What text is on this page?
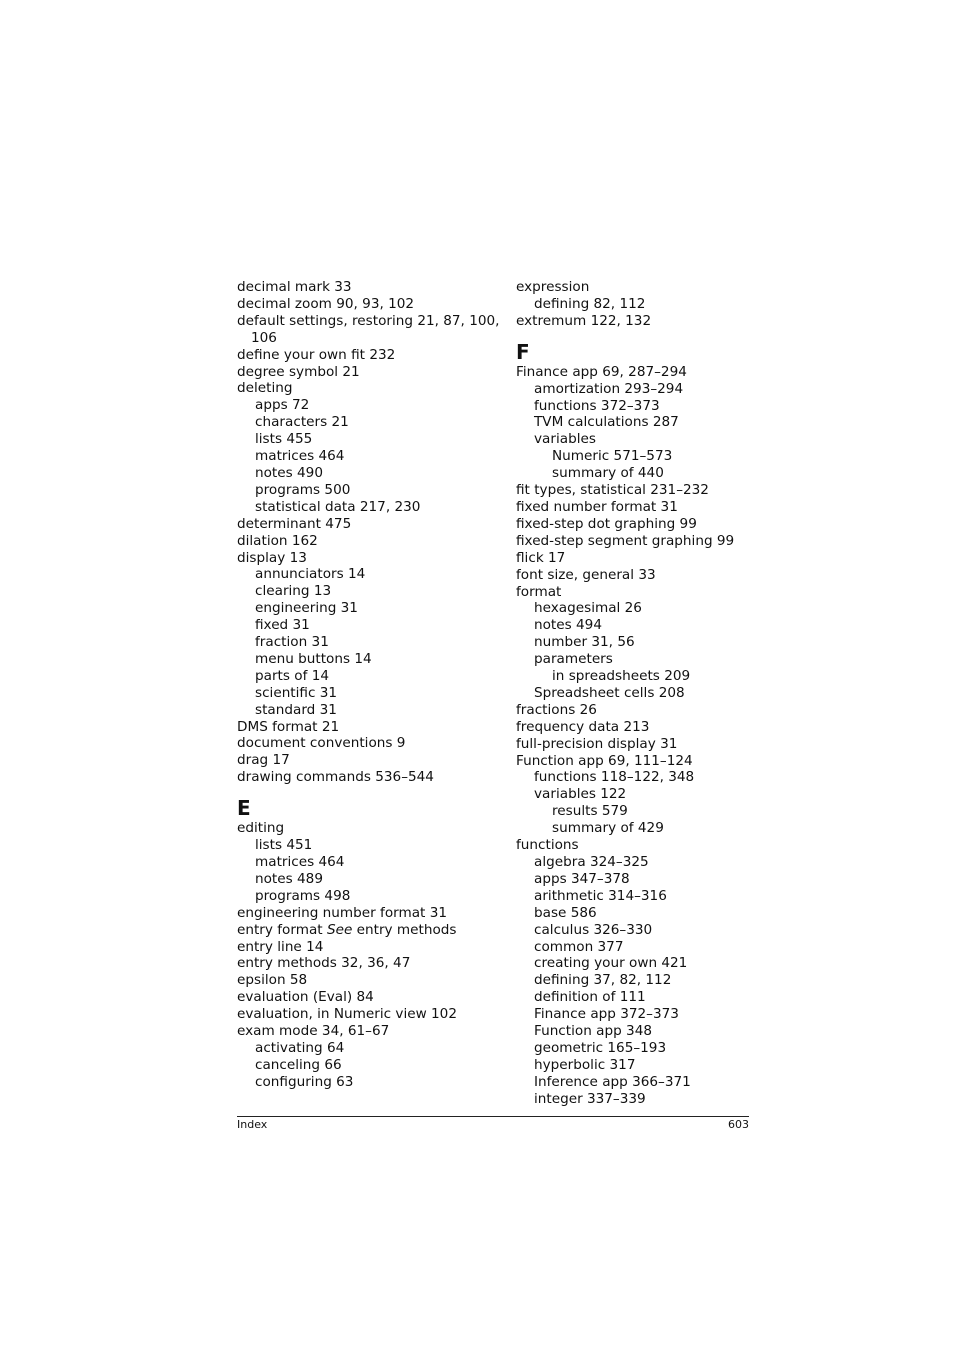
decimal mark 33
decimal zoom 90, 93, 102
default settings, restoring 21, 87, 100,
106
define your own fit 232
degree symbol 21
deleting
apps 72
characters 21
lists 455
matrices 464
notes 490
programs 500
statistical data 217, 230
determinant 475
dilation 162
display 13
annunciators 14
clearing 13
engineering 31
fixed 31
fraction 31
menu buttons 14
parts of 14
scientific 31
standard 31
DMS format 21
document conventions 9
drag 17
drawing commands 536–544
E
editing
lists 451
matrices 464
notes 489
programs 498
engineering number format 31
entry format See entry methods
entry line 14
entry methods 32, 36, 47
epsilon 58
evaluation (Eval) 84
evaluation, in Numeric view 102
exam mode 34, 61–67
activating 64
canceling 66
configuring 63
expression
defining 82, 112
extremum 122, 132
F
Finance app 69, 287–294
amortization 293–294
functions 372–373
TVM calculations 287
variables
Numeric 571–573
summary of 440
fit types, statistical 231–232
fixed number format 31
fixed-step dot graphing 99
fixed-step segment graphing 99
flick 17
font size, general 33
format
hexagesimal 26
notes 494
number 31, 56
parameters
in spreadsheets 209
Spreadsheet cells 208
fractions 26
frequency data 213
full-precision display 31
Function app 69, 111–124
functions 118–122, 348
variables 122
results 579
summary of 429
functions
algebra 324–325
apps 347–378
arithmetic 314–316
base 586
calculus 326–330
common 377
creating your own 421
defining 37, 82, 112
definition of 111
Finance app 372–373
Function app 348
geometric 165–193
hyperbolic 317
Inference app 366–371
integer 337–339
Index	603
